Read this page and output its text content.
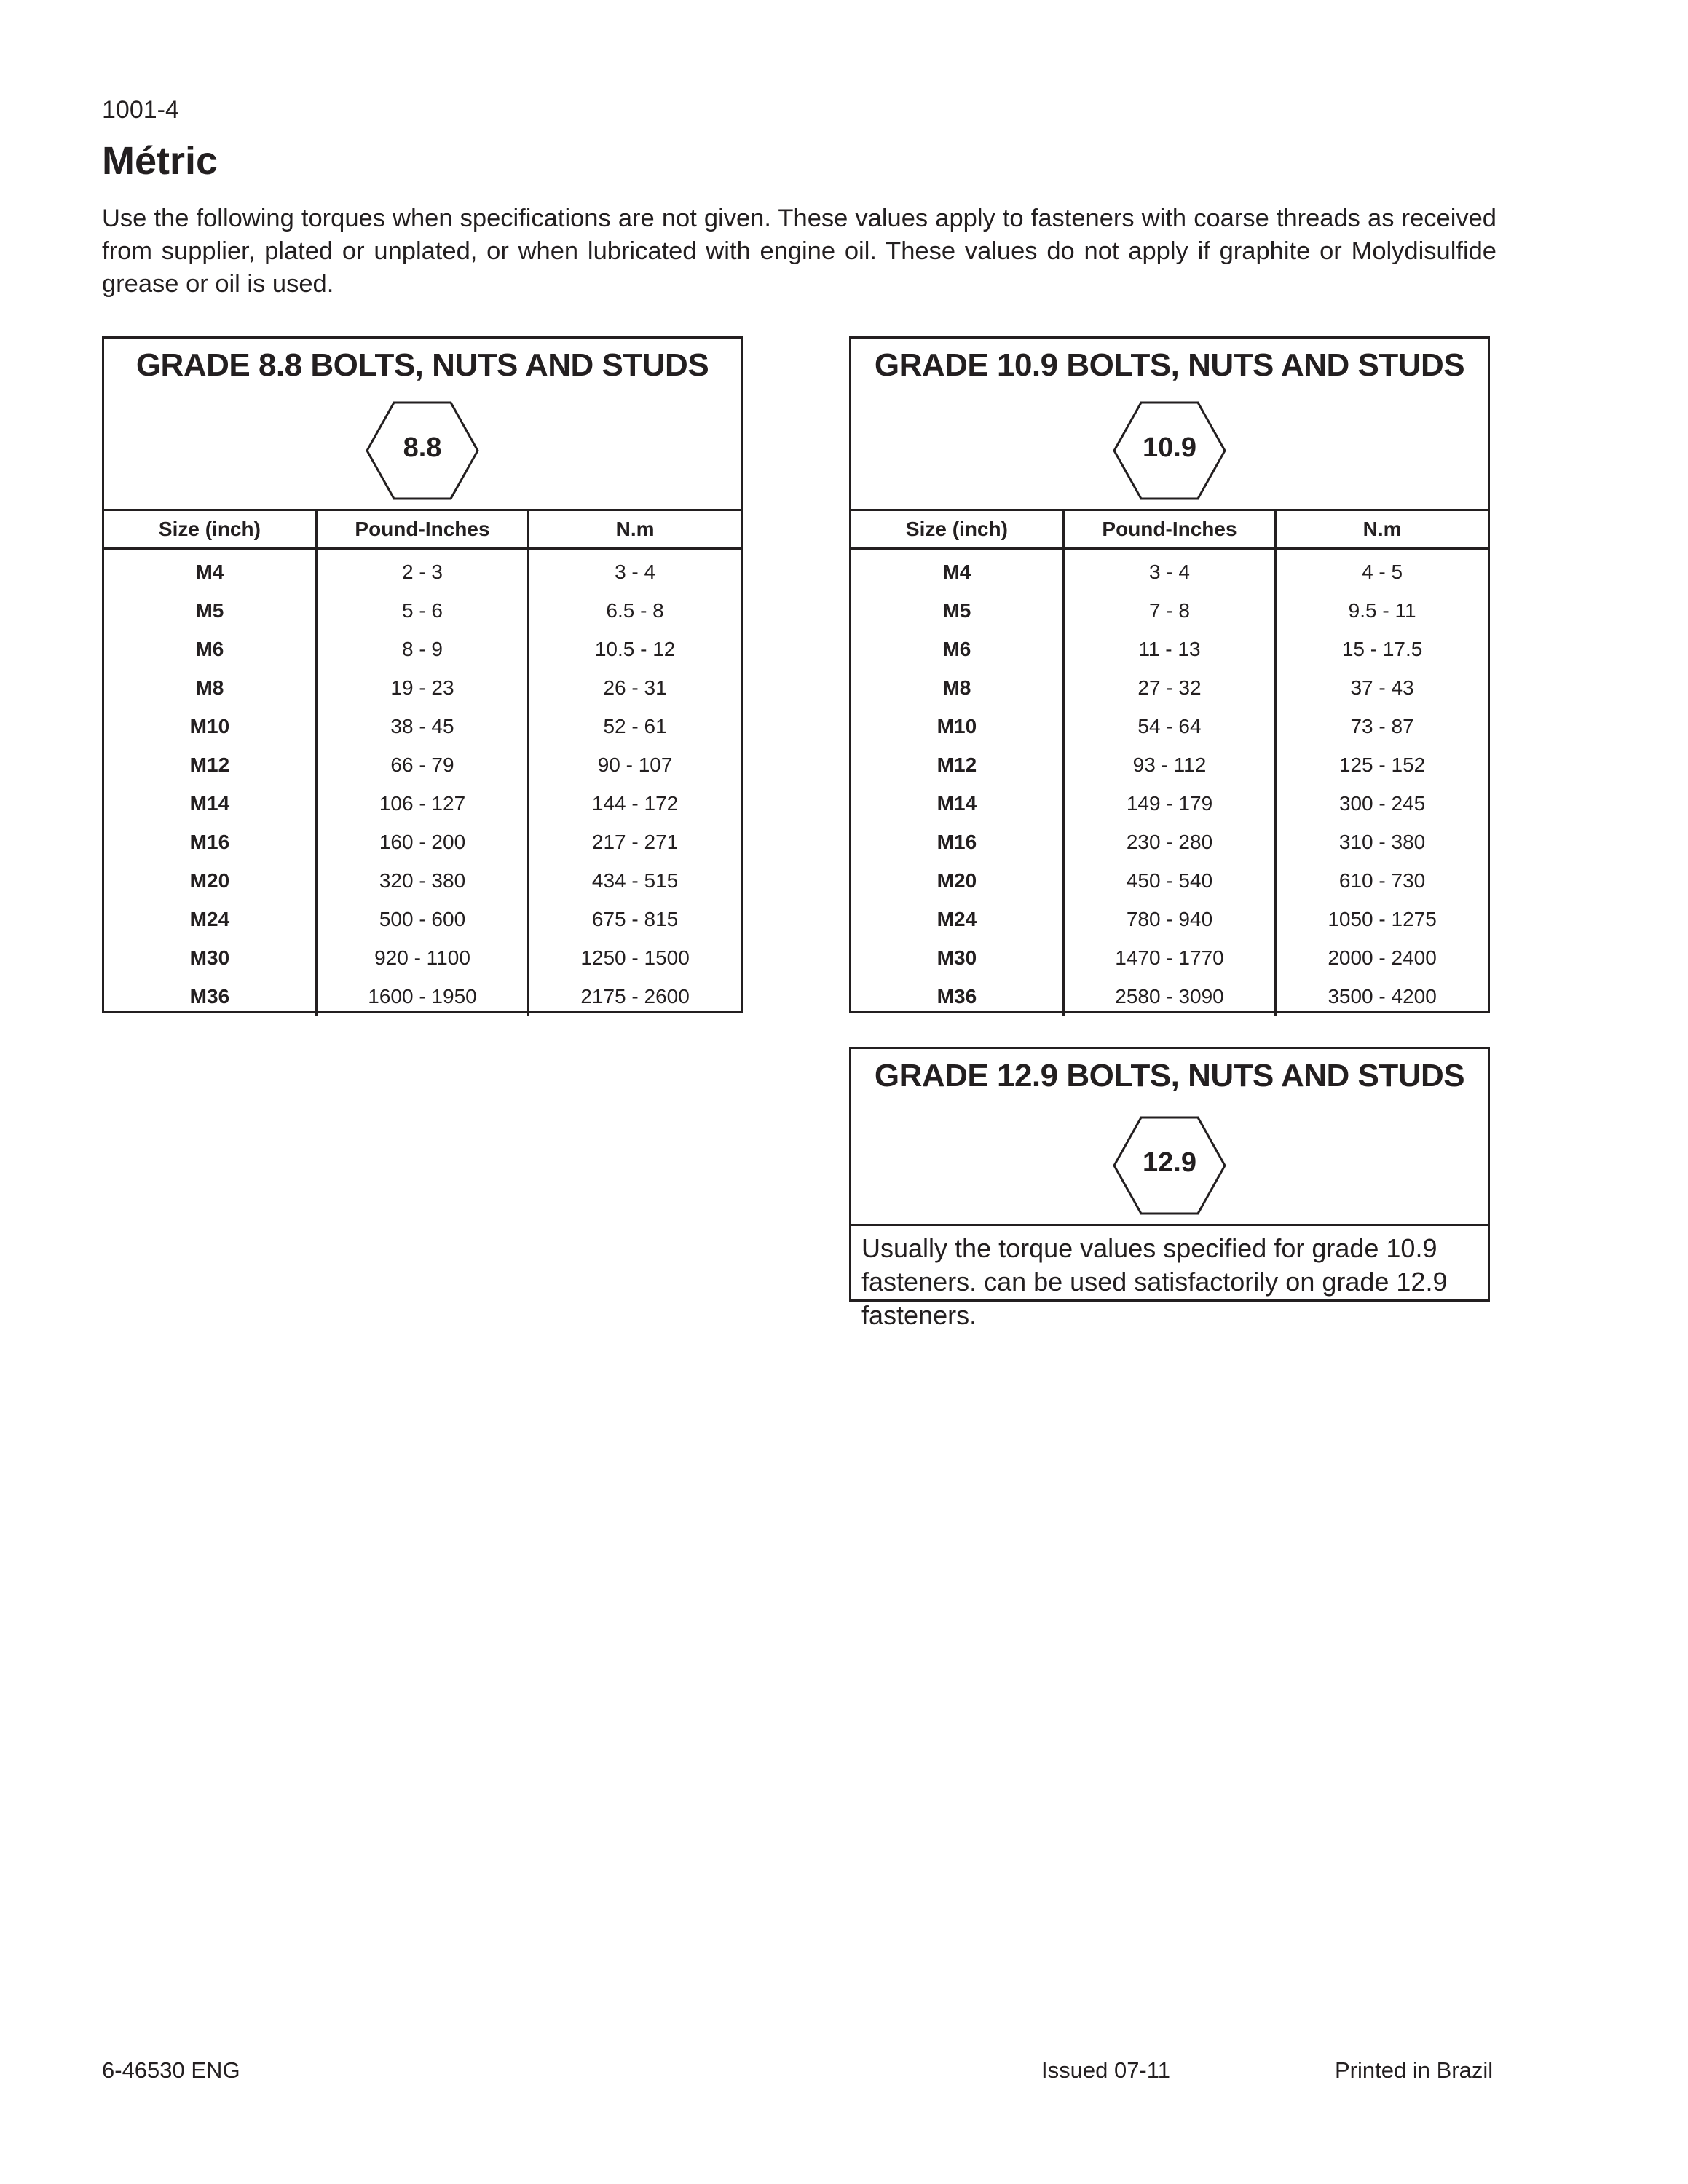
1001-4
Métric

Use the following torques when specifications are not given. These values apply to fasteners with coarse threads as received from supplier, plated or unplated, or when lubricated with engine oil. These values do not apply if graphite or Molydisulfide grease or oil is used.

GRADE 8.8 BOLTS, NUTS AND STUDS
8.8
Size (inch)	Pound-Inches	N.m
M4	2 - 3	3 - 4
M5	5 - 6	6.5 - 8
M6	8 - 9	10.5 - 12
M8	19 - 23	26 - 31
M10	38 - 45	52 - 61
M12	66 - 79	90 - 107
M14	106 - 127	144 - 172
M16	160 - 200	217 - 271
M20	320 - 380	434 - 515
M24	500 - 600	675 - 815
M30	920 - 1100	1250 - 1500
M36	1600 - 1950	2175 - 2600
GRADE 10.9 BOLTS, NUTS AND STUDS
10.9
Size (inch)	Pound-Inches	N.m
M4	3 - 4	4 - 5
M5	7 - 8	9.5 - 11
M6	11 - 13	15 - 17.5
M8	27 - 32	37 - 43
M10	54 - 64	73 - 87
M12	93 - 112	125 - 152
M14	149 - 179	300 - 245
M16	230 - 280	310 - 380
M20	450 - 540	610 - 730
M24	780 - 940	1050 - 1275
M30	1470 - 1770	2000 - 2400
M36	2580 - 3090	3500 - 4200
GRADE 12.9 BOLTS, NUTS AND STUDS
12.9

Usually the torque values specified for grade 10.9 fasteners. can be used satisfactorily on grade 12.9 fasteners.

6-46530 ENG	Issued 07-11	Printed in Brazil
